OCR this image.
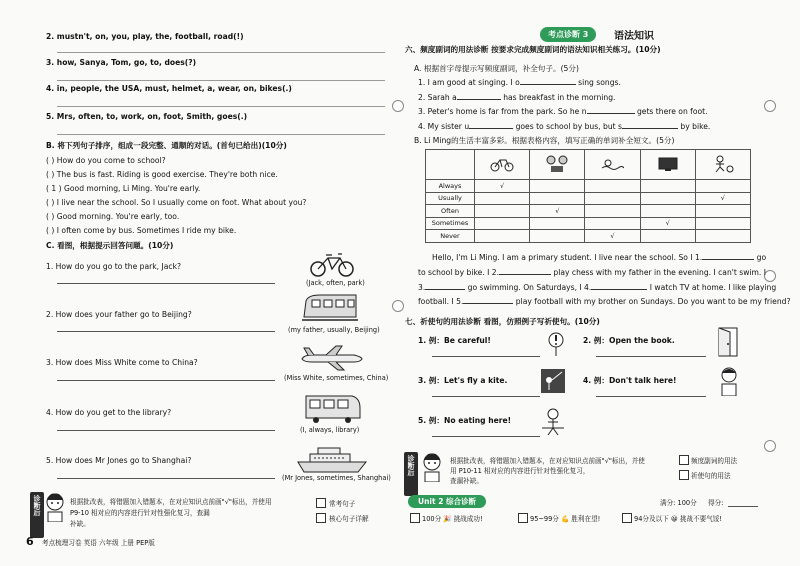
2. mustn't, on, you, play, the, football, road(!)
3. how, Sanya, Tom, go, to, does(?)
4. in, people, the USA, must, helmet, a, wear, on, bikes(.)
5. Mrs, often, to, work, on, foot, Smith, goes(.)
B. 将下列句子排序，组成一段完整、通顺的对话。(首句已给出)(10分)
( ) How do you come to school?
( ) The bus is fast. Riding is good exercise. They're both nice.
( 1 ) Good morning, Li Ming. You're early.
( ) I live near the school. So I usually come on foot. What about you?
( ) Good morning. You're early, too.
( ) I often come by bus. Sometimes I ride my bike.
C. 看图，根据提示回答问题。(10分)
1. How do you go to the park, Jack?
(Jack, often, park)
2. How does your father go to Beijing?
(my father, usually, Beijing)
3. How does Miss White come to China?
(Miss White, sometimes, China)
4. How do you get to the library?
(I, always, library)
5. How does Mr Jones go to Shanghai?
(Mr Jones, sometimes, Shanghai)
诊断后	根据批改表，将错题加入错题本，在对应知识点前画"√"标出，并使用
P9-10 相对应的内容进行针对性强化复习，查漏
补缺。
常考句子
核心句子详解
6 考点梳理习卷 英语 六年级 上册 PEP版
考点诊断 3	语法知识
六、频度副词的用法诊断 按要求完成频度副词的语法知识相关练习。(10分)
A. 根据首字母提示写频度副词，补全句子。(5分)
1. I am good at singing. I o	sing songs.
2. Sarah a	has breakfast in the morning.
3. Peter's home is far from the park. So he n	gets there on foot.
4. My sister u	goes to school by bus, but s	by bike.
B. Li Ming的生活丰富多彩。根据表格内容，填写正确的单词补全短文。(5分)

Always	√				
Usually					√
Often		√			
Sometimes				√	
Never			√		
Hello, I'm Li Ming. I am a primary student. I live near the school. So I 1.	go
to school by bike. I 2.	play chess with my father in the evening. I can't swim. I
3.	go swimming. On Saturdays, I 4.	I watch TV at home. I like playing
football. I 5.	play football with my brother on Sundays. Do you want to be my friend?
七、祈使句的用法诊断 看图，仿照例子写祈使句。(10分)
1. 例：Be careful!	2. 例：Open the book.
3. 例：Let's fly a kite.	4. 例：Don't talk here!
5. 例：No eating here!
诊断后	根据批改表，将错题加入错题本，在对应知识点前画"√"标出，并使
用 P10-11 相对应的内容进行针对性强化复习，
查漏补缺。
频度副词的用法
祈使句的用法
Unit 2 综合诊断	满分: 100分 得分:
100分 🎉 挑战成功!	95~99分 💪 胜利在望!	94分及以下 😀 挑战不要气馁!
